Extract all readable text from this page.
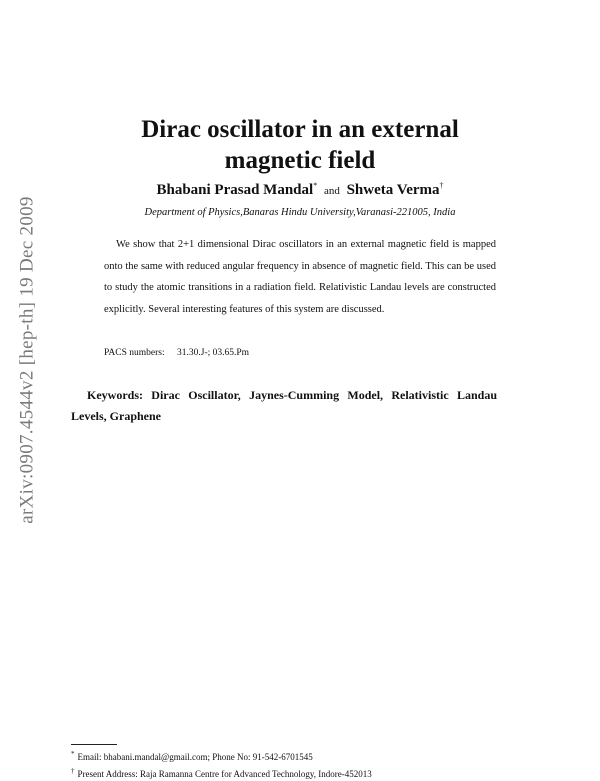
arXiv:0907.4544v2 [hep-th] 19 Dec 2009
Dirac oscillator in an external
magnetic field
Bhabani Prasad Mandal* and Shweta Verma†
Department of Physics,Banaras Hindu University,Varanasi-221005, India

We show that 2+1 dimensional Dirac oscillators in an external magnetic field is mapped onto the same with reduced angular frequency in absence of magnetic field. This can be used to study the atomic transitions in a radiation field. Relativistic Landau levels are constructed explicitly. Several interesting features of this system are discussed.

PACS numbers: 31.30.J-; 03.65.Pm

Keywords: Dirac Oscillator, Jaynes-Cumming Model, Relativistic Landau Levels, Graphene

* Email: bhabani.mandal@gmail.com; Phone No: 91-542-6701545
† Present Address: Raja Ramanna Centre for Advanced Technology, Indore-452013
